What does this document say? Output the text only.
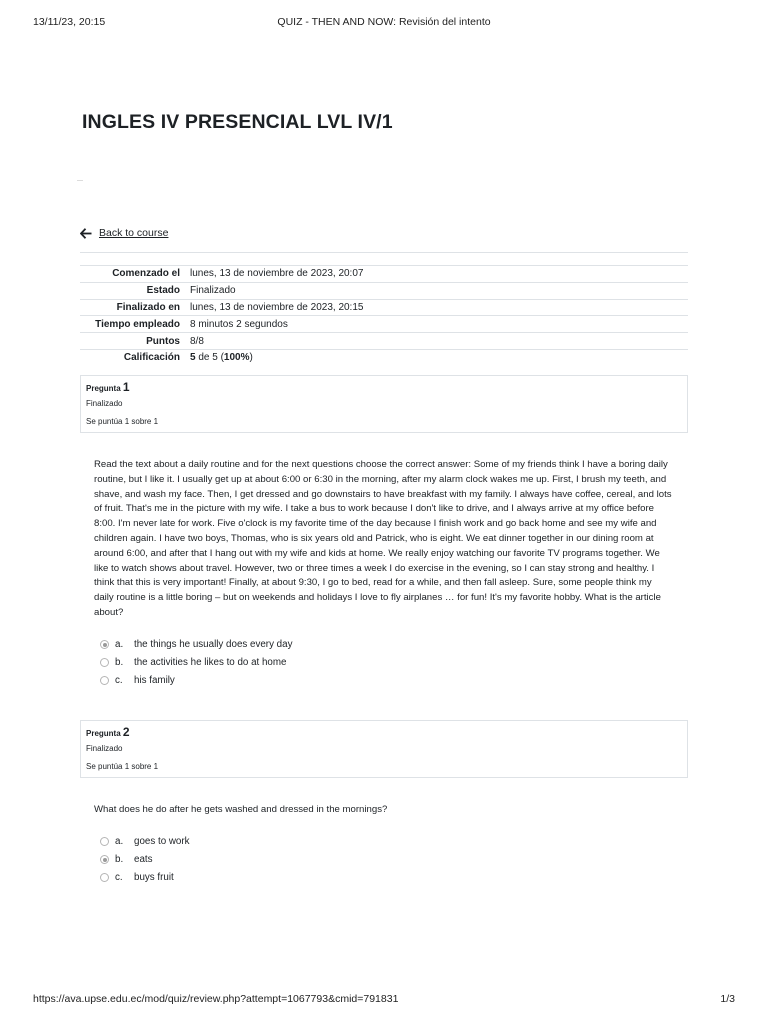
13/11/23, 20:15	QUIZ - THEN AND NOW: Revisión del intento
INGLES IV PRESENCIAL LVL IV/1
Back to course
Comenzado el	lunes, 13 de noviembre de 2023, 20:07
Estado	Finalizado
Finalizado en	lunes, 13 de noviembre de 2023, 20:15
Tiempo empleado	8 minutos 2 segundos
Puntos	8/8
Calificación	5 de 5 (100%)
Pregunta 1
Finalizado
Se puntúa 1 sobre 1
Read the text about a daily routine and for the next questions choose the correct answer: Some of my friends think I have a boring daily routine, but I like it. I usually get up at about 6:00 or 6:30 in the morning, after my alarm clock wakes me up. First, I brush my teeth, and shave, and wash my face. Then, I get dressed and go downstairs to have breakfast with my family. I always have coffee, cereal, and lots of fruit. That's me in the picture with my wife. I take a bus to work because I don't like to drive, and I always arrive at my office before 8:00. I'm never late for work. Five o'clock is my favorite time of the day because I finish work and go back home and see my wife and children again. I have two boys, Thomas, who is six years old and Patrick, who is eight. We eat dinner together in our dining room at around 6:00, and after that I hang out with my wife and kids at home. We really enjoy watching our favorite TV programs together. We like to watch shows about travel. However, two or three times a week I do exercise in the evening, so I can stay strong and healthy. I think that this is very important! Finally, at about 9:30, I go to bed, read for a while, and then fall asleep. Sure, some people think my daily routine is a little boring – but on weekends and holidays I love to fly airplanes … for fun! It's my favorite hobby. What is the article about?
a.	the things he usually does every day
b.	the activities he likes to do at home
c.	his family
Pregunta 2
Finalizado
Se puntúa 1 sobre 1
What does he do after he gets washed and dressed in the mornings?
a.	goes to work
b.	eats
c.	buys fruit
https://ava.upse.edu.ec/mod/quiz/review.php?attempt=1067793&cmid=791831	1/3
